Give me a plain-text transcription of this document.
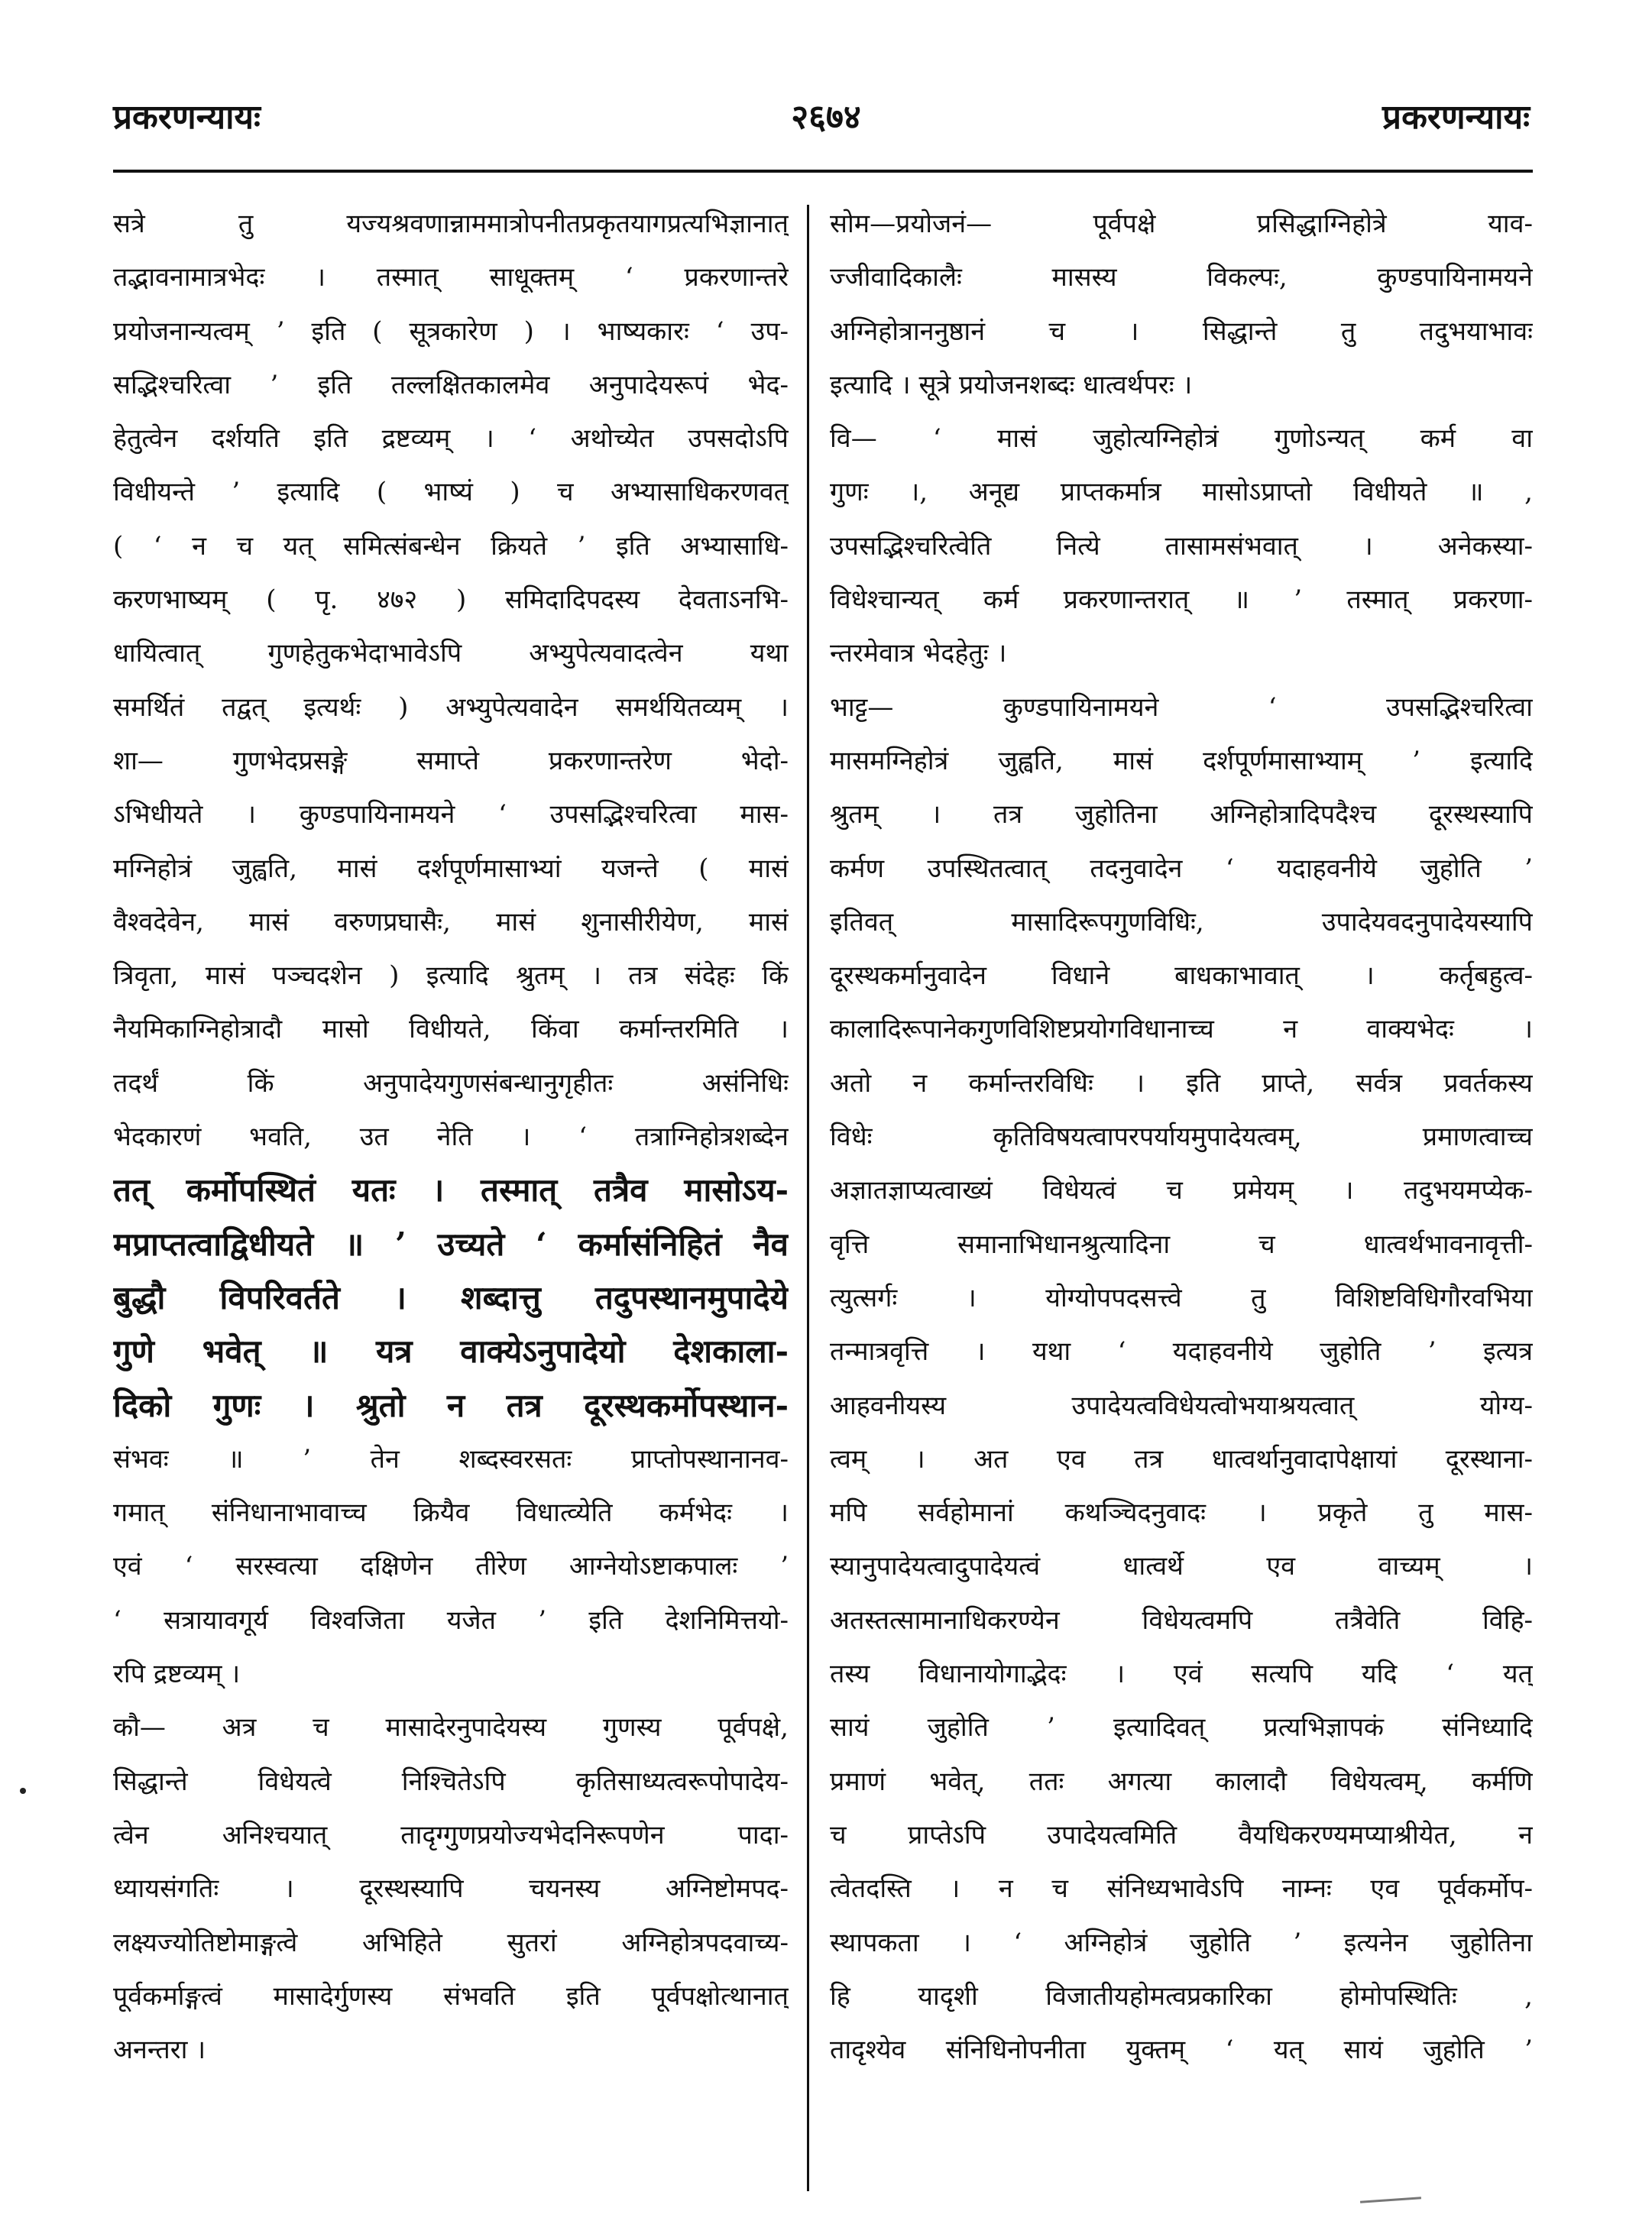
२६७४
प्रकरणन्यायः	प्रकरणन्यायः
सत्रे तु यज्यश्रवणान्नाममात्रोपनीतप्रकृतयागप्रत्यभिज्ञानात्
तद्भावनामात्रभेदः । तस्मात् साधूक्तम् ‘ प्रकरणान्तरे
प्रयोजनान्यत्वम् ’ इति ( सूत्रकारेण ) । भाष्यकारः ‘ उप-
सद्भिश्चरित्वा ’ इति तल्लक्षितकालमेव अनुपादेयरूपं भेद-
हेतुत्वेन दर्शयति इति द्रष्टव्यम् । ‘ अथोच्येत उपसदोऽपि
विधीयन्ते ’ इत्यादि ( भाष्यं ) च अभ्यासाधिकरणवत्
( ‘ न च यत् समित्संबन्धेन क्रियते ’ इति अभ्यासाधि-
करणभाष्यम् ( पृ. ४७२ ) समिदादिपदस्य देवताऽनभि-
धायित्वात् गुणहेतुकभेदाभावेऽपि अभ्युपेत्यवादत्वेन यथा
समर्थितं तद्वत् इत्यर्थः ) अभ्युपेत्यवादेन समर्थयितव्यम् ।
शा— गुणभेदप्रसङ्गे समाप्ते प्रकरणान्तरेण भेदो-
ऽभिधीयते । कुण्डपायिनामयने ‘ उपसद्भिश्चरित्वा मास-
मग्निहोत्रं जुह्वति, मासं दर्शपूर्णमासाभ्यां यजन्ते ( मासं
वैश्वदेवेन, मासं वरुणप्रघासैः, मासं शुनासीरीयेण, मासं
त्रिवृता, मासं पञ्चदशेन ) इत्यादि श्रुतम् । तत्र संदेहः किं
नैयमिकाग्निहोत्रादौ मासो विधीयते, किंवा कर्मान्तरमिति ।
तदर्थं किं अनुपादेयगुणसंबन्धानुगृहीतः असंनिधिः
भेदकारणं भवति, उत नेति । ‘ तत्राग्निहोत्रशब्देन
तत् कर्मोपस्थितं यतः । तस्मात् तत्रैव मासोऽय-
मप्राप्तत्वाद्विधीयते ॥ ’ उच्यते ‘ कर्मासंनिहितं नैव
बुद्धौ विपरिवर्तते । शब्दात्तु तदुपस्थानमुपादेये
गुणे भवेत् ॥ यत्र वाक्येऽनुपादेयो देशकाला-
दिको गुणः । श्रुतो न तत्र दूरस्थकर्मोपस्थान-
संभवः ॥ ’ तेन शब्दस्वरसतः प्राप्तोपस्थानानव-
गमात् संनिधानाभावाच्च क्रियैव विधात्व्येति कर्मभेदः ।
एवं ‘ सरस्वत्या दक्षिणेन तीरेण आग्नेयोऽष्टाकपालः ’
‘ सत्रायावगूर्य विश्वजिता यजेत ’ इति देशनिमित्तयो-
रपि द्रष्टव्यम् ।
कौ— अत्र च मासादेरनुपादेयस्य गुणस्य पूर्वपक्षे,
सिद्धान्ते विधेयत्वे निश्चितेऽपि कृतिसाध्यत्वरूपोपादेय-
त्वेन अनिश्चयात् तादृग्गुणप्रयोज्यभेदनिरूपणेन पादा-
ध्यायसंगतिः । दूरस्थस्यापि चयनस्य अग्निष्टोमपद-
लक्ष्यज्योतिष्टोमाङ्गत्वे अभिहिते सुतरां अग्निहोत्रपदवाच्य-
पूर्वकर्माङ्गत्वं मासादेर्गुणस्य संभवति इति पूर्वपक्षोत्थानात्
अनन्तरा ।
सोम—प्रयोजनं— पूर्वपक्षे प्रसिद्धाग्निहोत्रे याव-
ज्जीवादिकालैः मासस्य विकल्पः, कुण्डपायिनामयने
अग्निहोत्राननुष्ठानं च । सिद्धान्ते तु तदुभयाभावः
इत्यादि । सूत्रे प्रयोजनशब्दः धात्वर्थपरः ।
वि— ‘ मासं जुहोत्यग्निहोत्रं गुणोऽन्यत् कर्म वा
गुणः ।, अनूद्य प्राप्तकर्मात्र मासोऽप्राप्तो विधीयते ॥ ,
उपसद्भिश्चरित्वेति नित्ये तासामसंभवात् । अनेकस्या-
विधेश्चान्यत् कर्म प्रकरणान्तरात् ॥ ’ तस्मात् प्रकरणा-
न्तरमेवात्र भेदहेतुः ।
भाट्ट— कुण्डपायिनामयने ‘ उपसद्भिश्चरित्वा
मासमग्निहोत्रं जुह्वति, मासं दर्शपूर्णमासाभ्याम् ’ इत्यादि
श्रुतम् । तत्र जुहोतिना अग्निहोत्रादिपदैश्च दूरस्थस्यापि
कर्मण उपस्थितत्वात् तदनुवादेन ‘ यदाहवनीये जुहोति ’
इतिवत् मासादिरूपगुणविधिः, उपादेयवदनुपादेयस्यापि
दूरस्थकर्मानुवादेन विधाने बाधकाभावात् । कर्तृबहुत्व-
कालादिरूपानेकगुणविशिष्टप्रयोगविधानाच्च न वाक्यभेदः ।
अतो न कर्मान्तरविधिः । इति प्राप्ते, सर्वत्र प्रवर्तकस्य
विधेः कृतिविषयत्वापरपर्यायमुपादेयत्वम्, प्रमाणत्वाच्च
अज्ञातज्ञाप्यत्वाख्यं विधेयत्वं च प्रमेयम् । तदुभयमप्येक-
वृत्ति समानाभिधानश्रुत्यादिना च धात्वर्थभावनावृत्ती-
त्युत्सर्गः । योग्योपपदसत्त्वे तु विशिष्टविधिगौरवभिया
तन्मात्रवृत्ति । यथा ‘ यदाहवनीये जुहोति ’ इत्यत्र
आहवनीयस्य उपादेयत्वविधेयत्वोभयाश्रयत्वात् योग्य-
त्वम् । अत एव तत्र धात्वर्थानुवादापेक्षायां दूरस्थाना-
मपि सर्वहोमानां कथञ्चिदनुवादः । प्रकृते तु मास-
स्यानुपादेयत्वादुपादेयत्वं धात्वर्थे एव वाच्यम् ।
अतस्तत्सामानाधिकरण्येन विधेयत्वमपि तत्रैवेति विहि-
तस्य विधानायोगाद्भेदः । एवं सत्यपि यदि ‘ यत्
सायं जुहोति ’ इत्यादिवत् प्रत्यभिज्ञापकं संनिध्यादि
प्रमाणं भवेत्, ततः अगत्या कालादौ विधेयत्वम्, कर्मणि
च प्राप्तेऽपि उपादेयत्वमिति वैयधिकरण्यमप्याश्रीयेत, न
त्वेतदस्ति । न च संनिध्यभावेऽपि नाम्नः एव पूर्वकर्मोप-
स्थापकता । ‘ अग्निहोत्रं जुहोति ’ इत्यनेन जुहोतिना
हि यादृशी विजातीयहोमत्वप्रकारिका होमोपस्थितिः ,
तादृश्येव संनिधिनोपनीता युक्तम् ‘ यत् सायं जुहोति ’
